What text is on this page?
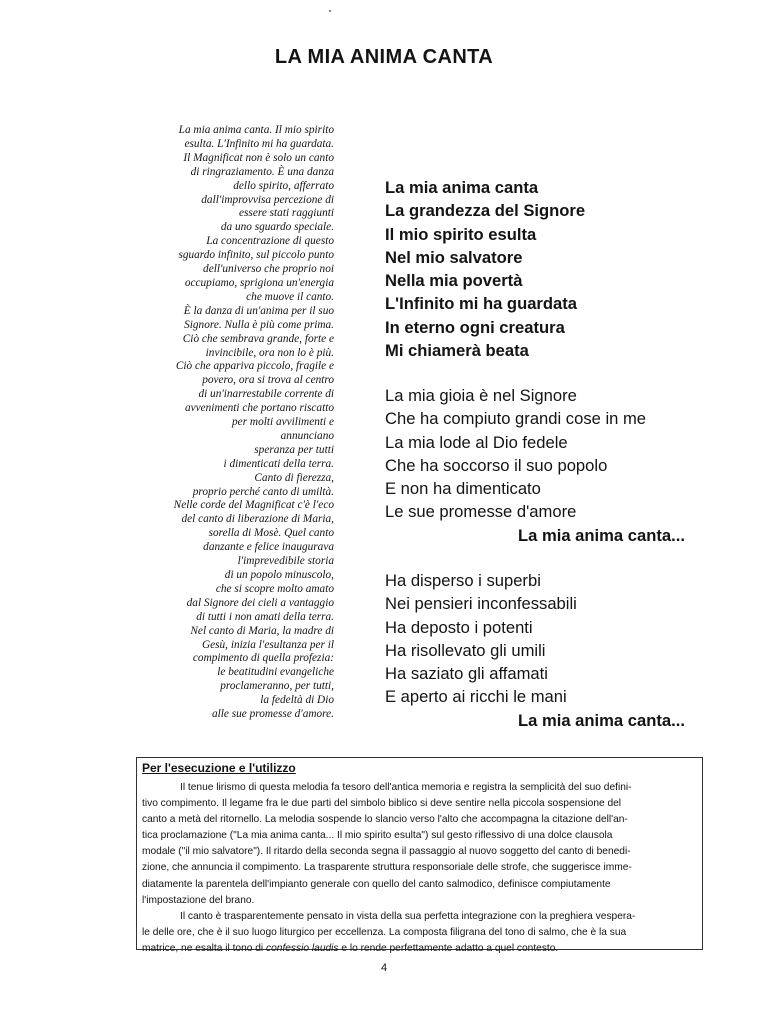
LA MIA ANIMA CANTA
La mia anima canta. Il mio spirito
esulta. L'Infinito mi ha guardata.
Il Magnificat non è solo un canto
di ringraziamento. È una danza
dello spirito, afferrato
dall'improvvisa percezione di
essere stati raggiunti
da uno sguardo speciale.
La concentrazione di questo
sguardo infinito, sul piccolo punto
dell'universo che proprio noi
occupiamo, sprigiona un'energia
che muove il canto.
È la danza di un'anima per il suo
Signore. Nulla è più come prima.
Ciò che sembrava grande, forte e
invincibile, ora non lo è più.
Ciò che appariva piccolo, fragile e
povero, ora si trova al centro
di un'inarrestabile corrente di
avvenimenti che portano riscatto
per molti avvilimenti e
annunciano
speranza per tutti
i dimenticati della terra.
Canto di fierezza,
proprio perché canto di umiltà.
Nelle corde del Magnificat c'è l'eco
del canto di liberazione di Maria,
sorella di Mosè. Quel canto
danzante e felice inaugurava
l'imprevedibile storia
di un popolo minuscolo,
che si scopre molto amato
dal Signore dei cieli a vantaggio
di tutti i non amati della terra.
Nel canto di Maria, la madre di
Gesù, inizia l'esultanza per il
compimento di quella profezia:
le beatitudini evangeliche
proclameranno, per tutti,
la fedeltà di Dio
alle sue promesse d'amore.
La mia anima canta
La grandezza del Signore
Il mio spirito esulta
Nel mio salvatore
Nella mia povertà
L'Infinito mi ha guardata
In eterno ogni creatura
Mi chiamerà beata
La mia gioia è nel Signore
Che ha compiuto grandi cose in me
La mia lode al Dio fedele
Che ha soccorso il suo popolo
E non ha dimenticato
Le sue promesse d'amore
La mia anima canta...
Ha disperso i superbi
Nei pensieri inconfessabili
Ha deposto i potenti
Ha risollevato gli umili
Ha saziato gli affamati
E aperto ai ricchi le mani
La mia anima canta...
Per l'esecuzione e l'utilizzo
Il tenue lirismo di questa melodia fa tesoro dell'antica memoria e registra la semplicità del suo defini-
tivo compimento. Il legame fra le due parti del simbolo biblico si deve sentire nella piccola sospensione del
canto a metà del ritornello. La melodia sospende lo slancio verso l'alto che accompagna la citazione dell'an-
tica proclamazione ("La mia anima canta... Il mio spirito esulta") sul gesto riflessivo di una dolce clausola
modale ("il mio salvatore"). Il ritardo della seconda segna il passaggio al nuovo soggetto del canto di benedi-
zione, che annuncia il compimento. La trasparente struttura responsoriale delle strofe, che suggerisce imme-
diatamente la parentela dell'impianto generale con quello del canto salmodico, definisce compiutamente
l'impostazione del brano.
Il canto è trasparentemente pensato in vista della sua perfetta integrazione con la preghiera vespera-
le delle ore, che è il suo luogo liturgico per eccellenza. La composta filigrana del tono di salmo, che è la sua
matrice, ne esalta il tono di confessio laudis e lo rende perfettamente adatto a quel contesto.
4
